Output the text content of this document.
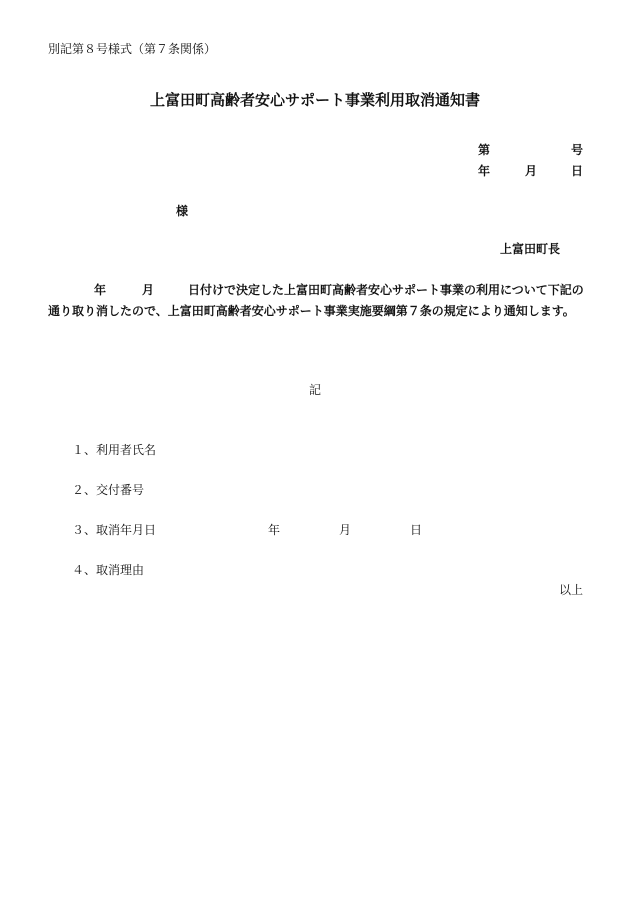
別記第８号様式（第７条関係）
上富田町高齢者安心サポート事業利用取消通知書
第	号
年	月	日
様
上富田町長
年	月	日付けで決定した上富田町高齢者安心サポート事業の利用について下記の
通り取り消したので、上富田町高齢者安心サポート事業実施要綱第７条の規定により通知します。
記
１、利用者氏名
２、交付番号
３、取消年月日	年	月	日
４、取消理由
以上
